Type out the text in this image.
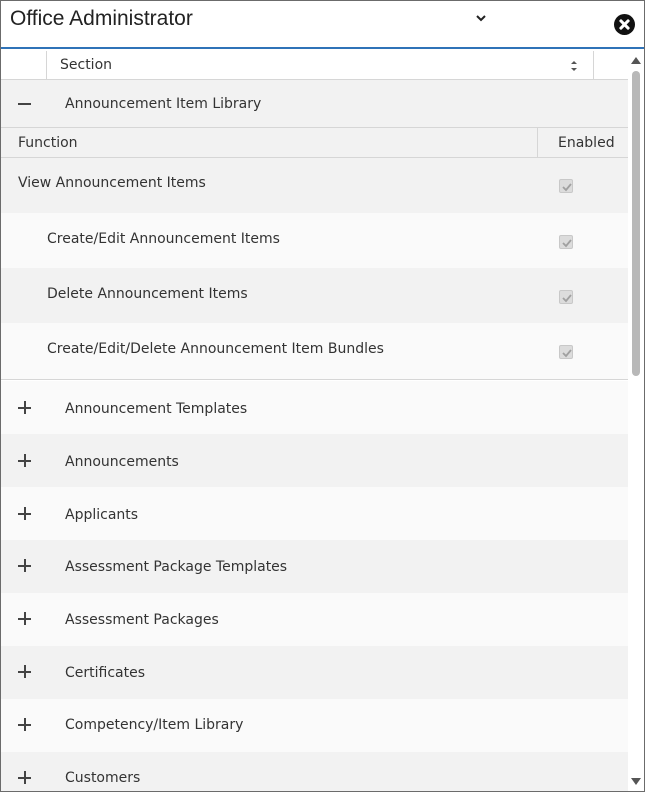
Office Administrator
Section
Announcement Item Library
Function	Enabled
View Announcement Items
Create/Edit Announcement Items
Delete Announcement Items
Create/Edit/Delete Announcement Item Bundles
Announcement Templates
Announcements
Applicants
Assessment Package Templates
Assessment Packages
Certificates
Competency/Item Library
Customers
